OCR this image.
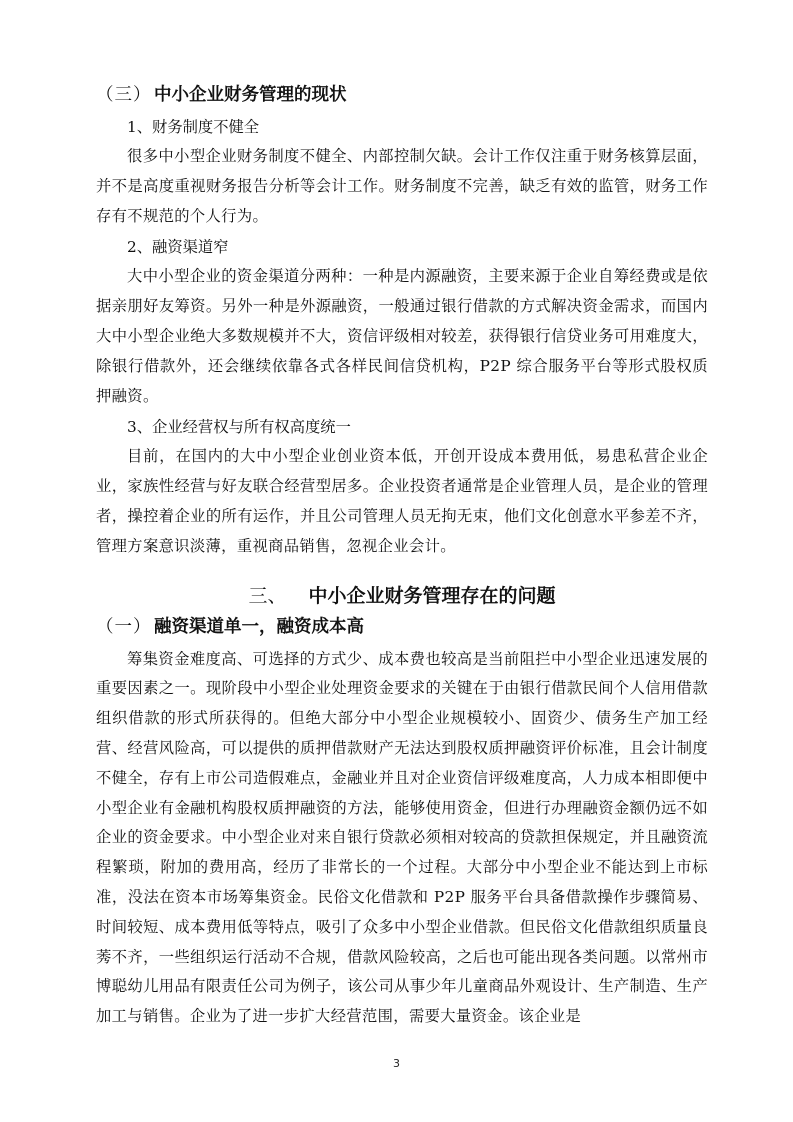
（三） 中小企业财务管理的现状
1、财务制度不健全

很多中小型企业财务制度不健全、内部控制欠缺。会计工作仅注重于财务核算层面，并不是高度重视财务报告分析等会计工作。财务制度不完善，缺乏有效的监管，财务工作存有不规范的个人行为。

2、融资渠道窄

大中小型企业的资金渠道分两种：一种是内源融资，主要来源于企业自筹经费或是依据亲朋好友筹资。另外一种是外源融资，一般通过银行借款的方式解决资金需求，而国内大中小型企业绝大多数规模并不大，资信评级相对较差，获得银行信贷业务可用难度大，除银行借款外，还会继续依靠各式各样民间信贷机构，P2P 综合服务平台等形式股权质押融资。

3、企业经营权与所有权高度统一

目前，在国内的大中小型企业创业资本低，开创开设成本费用低，易患私营企业企业，家族性经营与好友联合经营型居多。企业投资者通常是企业管理人员，是企业的管理者，操控着企业的所有运作，并且公司管理人员无拘无束，他们文化创意水平参差不齐，管理方案意识淡薄，重视商品销售，忽视企业会计。

三、 中小企业财务管理存在的问题
（一） 融资渠道单一，融资成本高

筹集资金难度高、可选择的方式少、成本费也较高是当前阻拦中小型企业迅速发展的重要因素之一。现阶段中小型企业处理资金要求的关键在于由银行借款民间个人信用借款组织借款的形式所获得的。但绝大部分中小型企业规模较小、固资少、债务生产加工经营、经营风险高，可以提供的质押借款财产无法达到股权质押融资评价标准，且会计制度不健全，存有上市公司造假难点，金融业并且对企业资信评级难度高，人力成本相即便中小型企业有金融机构股权质押融资的方法，能够使用资金，但进行办理融资金额仍远不如企业的资金要求。中小型企业对来自银行贷款必须相对较高的贷款担保规定，并且融资流程繁琐，附加的费用高，经历了非常长的一个过程。大部分中小型企业不能达到上市标准，没法在资本市场筹集资金。民俗文化借款和 P2P 服务平台具备借款操作步骤简易、时间较短、成本费用低等特点，吸引了众多中小型企业借款。但民俗文化借款组织质量良莠不齐，一些组织运行活动不合规，借款风险较高，之后也可能出现各类问题。以常州市博聪幼儿用品有限责任公司为例子，该公司从事少年儿童商品外观设计、生产制造、生产加工与销售。企业为了进一步扩大经营范围，需要大量资金。该企业是

3
